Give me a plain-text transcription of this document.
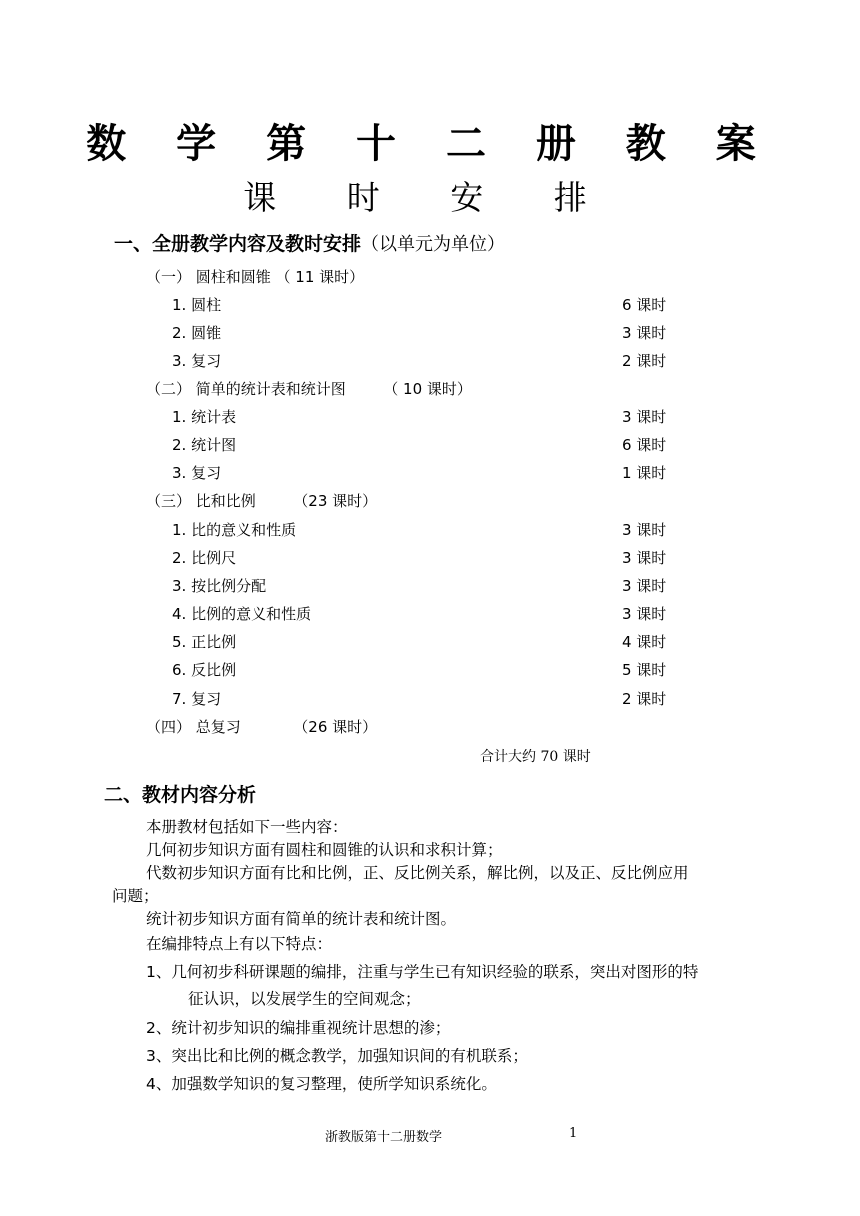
数 学 第 十 二 册 教 案
课 时 安 排
一、全册教学内容及教时安排（以单元为单位）
（一） 圆柱和圆锥 （ 11 课时）
1. 圆柱	6 课时
2. 圆锥	3 课时
3. 复习	2 课时
（二） 简单的统计表和统计图　　　（ 10 课时）
1. 统计表	3 课时
2. 统计图	6 课时
3. 复习	1 课时
（三） 比和比例　　　（23 课时）
1. 比的意义和性质	3 课时
2. 比例尺	3 课时
3. 按比例分配	3 课时
4. 比例的意义和性质	3 课时
5. 正比例	4 课时
6. 反比例	5 课时
7. 复习	2 课时
（四） 总复习　　　　（26 课时）
合计大约 70 课时
二、教材内容分析
本册教材包括如下一些内容：
几何初步知识方面有圆柱和圆锥的认识和求积计算；
代数初步知识方面有比和比例，正、反比例关系，解比例，以及正、反比例应用
问题；
统计初步知识方面有简单的统计表和统计图。
在编排特点上有以下特点：
1、几何初步科研课题的编排，注重与学生已有知识经验的联系，突出对图形的特
征认识，以发展学生的空间观念；
2、统计初步知识的编排重视统计思想的渗；
3、突出比和比例的概念教学，加强知识间的有机联系；
4、加强数学知识的复习整理，使所学知识系统化。
浙教版第十二册数学	1
